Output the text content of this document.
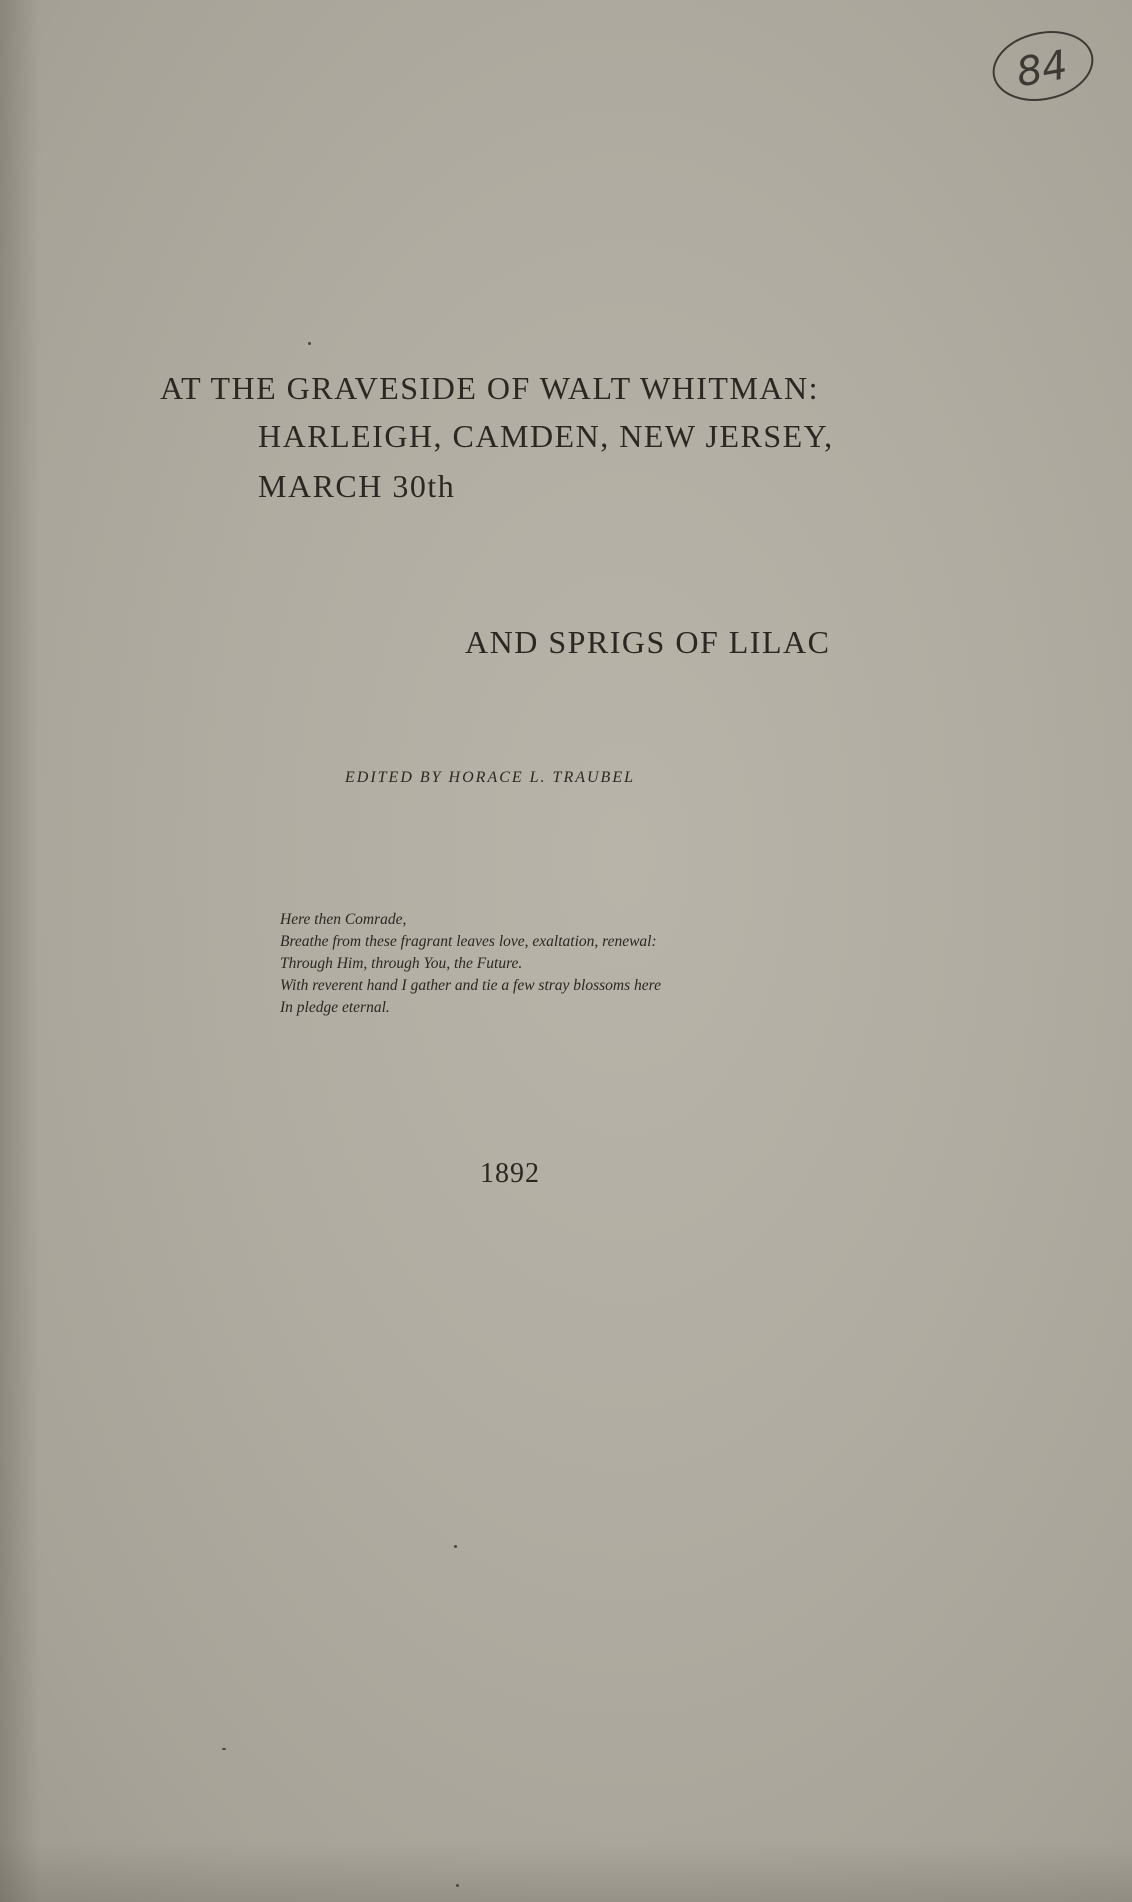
84
AT THE GRAVESIDE OF WALT WHITMAN:
HARLEIGH, CAMDEN, NEW JERSEY,
MARCH 30th
AND SPRIGS OF LILAC
EDITED BY HORACE L. TRAUBEL
Here then Comrade,
Breathe from these fragrant leaves love, exaltation, renewal:
Through Him, through You, the Future.
With reverent hand I gather and tie a few stray blossoms here
In pledge eternal.
1892
